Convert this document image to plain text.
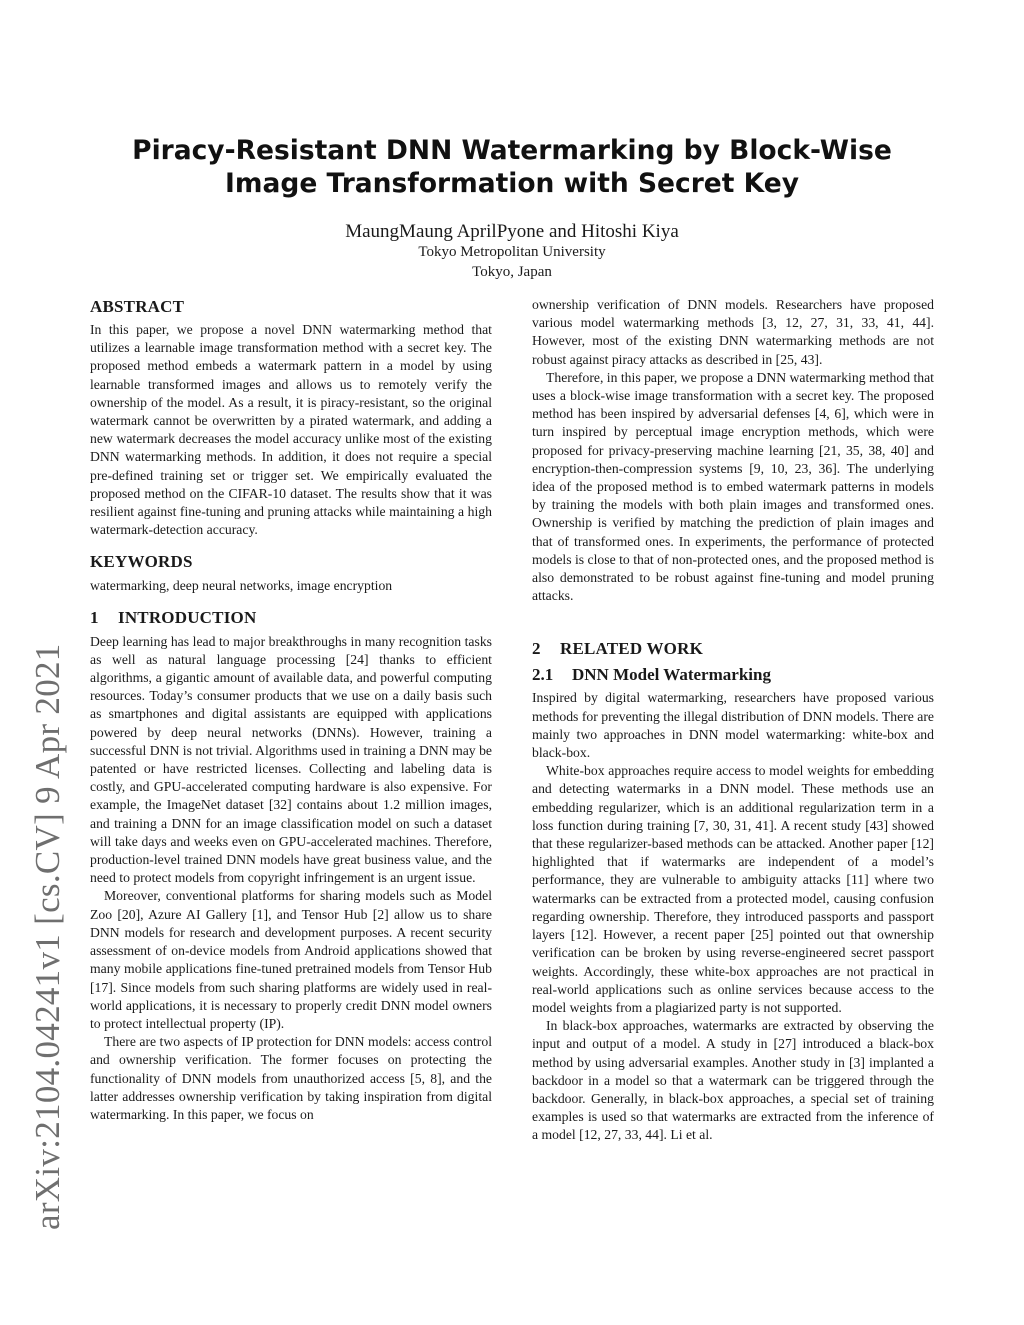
arXiv:2104.04241v1 [cs.CV] 9 Apr 2021
Piracy-Resistant DNN Watermarking by Block-Wise Image Transformation with Secret Key
MaungMaung AprilPyone and Hitoshi Kiya
Tokyo Metropolitan University
Tokyo, Japan
ABSTRACT

In this paper, we propose a novel DNN watermarking method that utilizes a learnable image transformation method with a secret key. The proposed method embeds a watermark pattern in a model by using learnable transformed images and allows us to remotely verify the ownership of the model. As a result, it is piracy-resistant, so the original watermark cannot be overwritten by a pirated watermark, and adding a new watermark decreases the model accuracy unlike most of the existing DNN watermarking methods. In addition, it does not require a special pre-defined training set or trigger set. We empirically evaluated the proposed method on the CIFAR-10 dataset. The results show that it was resilient against fine-tuning and pruning attacks while maintaining a high watermark-detection accuracy.

KEYWORDS

watermarking, deep neural networks, image encryption

1 INTRODUCTION

Deep learning has lead to major breakthroughs in many recognition tasks as well as natural language processing [24] thanks to efficient algorithms, a gigantic amount of available data, and powerful computing resources. Today’s consumer products that we use on a daily basis such as smartphones and digital assistants are equipped with applications powered by deep neural networks (DNNs). However, training a successful DNN is not trivial. Algorithms used in training a DNN may be patented or have restricted licenses. Collecting and labeling data is costly, and GPU-accelerated computing hardware is also expensive. For example, the ImageNet dataset [32] contains about 1.2 million images, and training a DNN for an image classification model on such a dataset will take days and weeks even on GPU-accelerated machines. Therefore, production-level trained DNN models have great business value, and the need to protect models from copyright infringement is an urgent issue.

Moreover, conventional platforms for sharing models such as Model Zoo [20], Azure AI Gallery [1], and Tensor Hub [2] allow us to share DNN models for research and development purposes. A recent security assessment of on-device models from Android applications showed that many mobile applications fine-tuned pretrained models from Tensor Hub [17]. Since models from such sharing platforms are widely used in real-world applications, it is necessary to properly credit DNN model owners to protect intellectual property (IP).

There are two aspects of IP protection for DNN models: access control and ownership verification. The former focuses on protecting the functionality of DNN models from unauthorized access [5, 8], and the latter addresses ownership verification by taking inspiration from digital watermarking. In this paper, we focus on

ownership verification of DNN models. Researchers have proposed various model watermarking methods [3, 12, 27, 31, 33, 41, 44]. However, most of the existing DNN watermarking methods are not robust against piracy attacks as described in [25, 43].

Therefore, in this paper, we propose a DNN watermarking method that uses a block-wise image transformation with a secret key. The proposed method has been inspired by adversarial defenses [4, 6], which were in turn inspired by perceptual image encryption methods, which were proposed for privacy-preserving machine learning [21, 35, 38, 40] and encryption-then-compression systems [9, 10, 23, 36]. The underlying idea of the proposed method is to embed watermark patterns in models by training the models with both plain images and transformed ones. Ownership is verified by matching the prediction of plain images and that of transformed ones. In experiments, the performance of protected models is close to that of non-protected ones, and the proposed method is also demonstrated to be robust against fine-tuning and model pruning attacks.

2 RELATED WORK
2.1 DNN Model Watermarking

Inspired by digital watermarking, researchers have proposed various methods for preventing the illegal distribution of DNN models. There are mainly two approaches in DNN model watermarking: white-box and black-box.

White-box approaches require access to model weights for embedding and detecting watermarks in a DNN model. These methods use an embedding regularizer, which is an additional regularization term in a loss function during training [7, 30, 31, 41]. A recent study [43] showed that these regularizer-based methods can be attacked. Another paper [12] highlighted that if watermarks are independent of a model’s performance, they are vulnerable to ambiguity attacks [11] where two watermarks can be extracted from a protected model, causing confusion regarding ownership. Therefore, they introduced passports and passport layers [12]. However, a recent paper [25] pointed out that ownership verification can be broken by using reverse-engineered secret passport weights. Accordingly, these white-box approaches are not practical in real-world applications such as online services because access to the model weights from a plagiarized party is not supported.

In black-box approaches, watermarks are extracted by observing the input and output of a model. A study in [27] introduced a black-box method by using adversarial examples. Another study in [3] implanted a backdoor in a model so that a watermark can be triggered through the backdoor. Generally, in black-box approaches, a special set of training examples is used so that watermarks are extracted from the inference of a model [12, 27, 33, 44]. Li et al.
